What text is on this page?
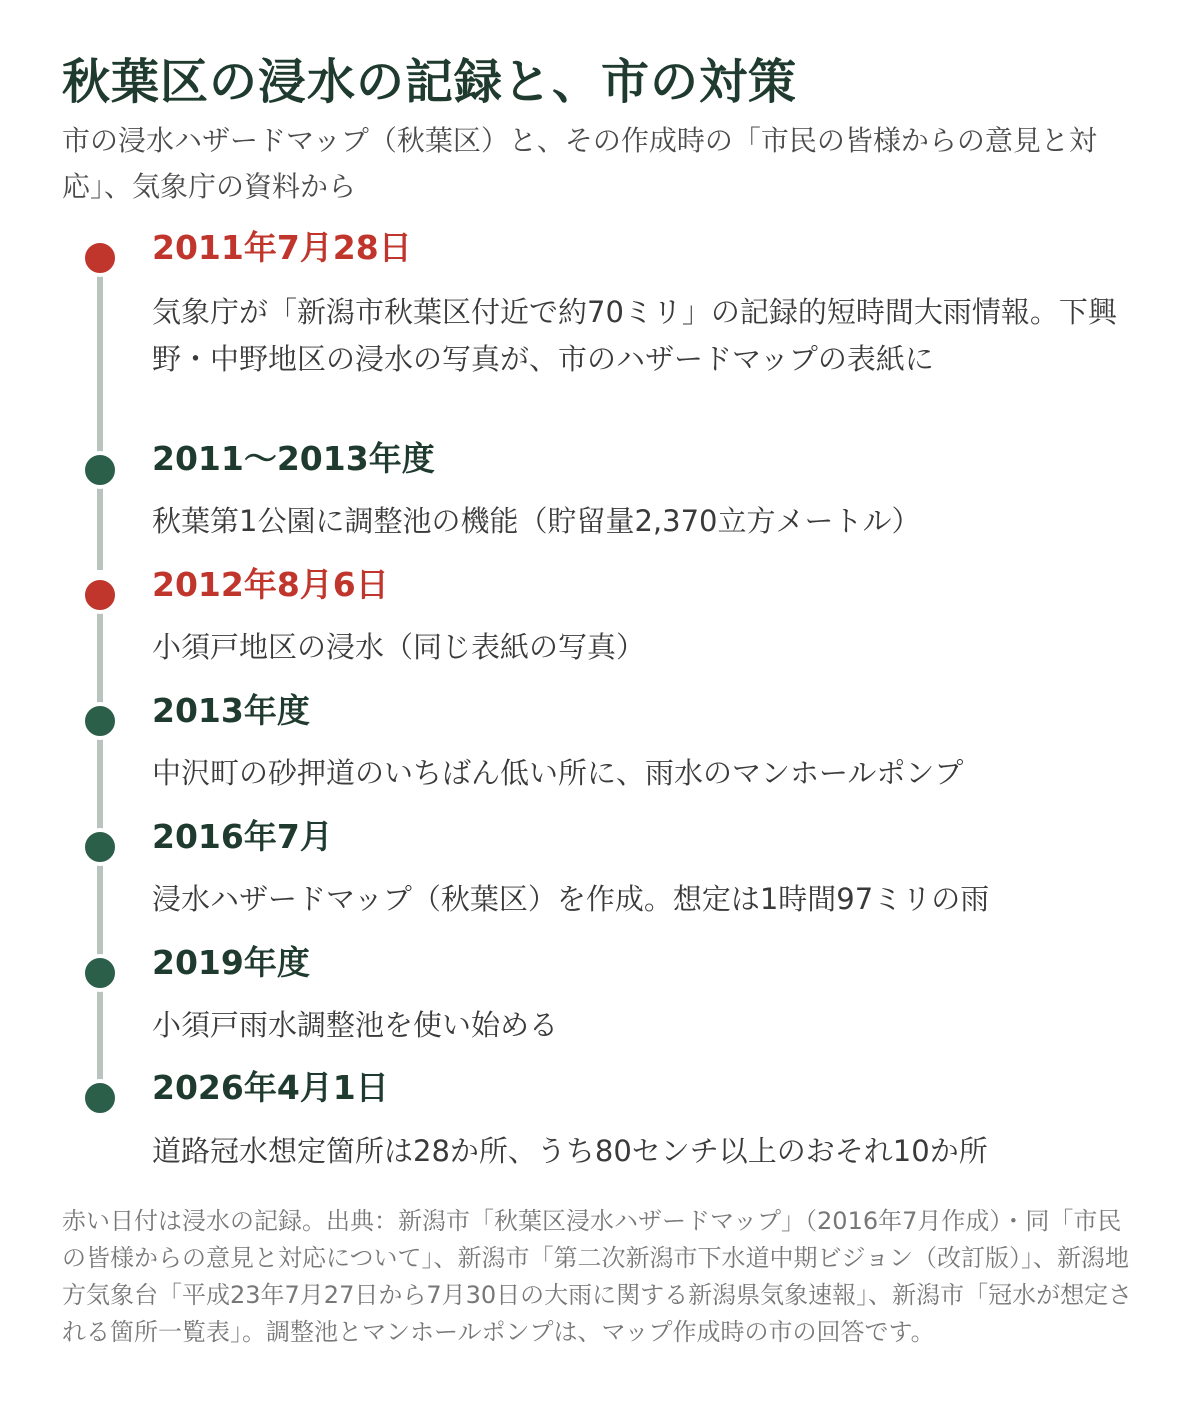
秋葉区の浸水の記録と、市の対策
市の浸水ハザードマップ（秋葉区）と、その作成時の「市民の皆様からの意見と対応」、気象庁の資料から
2011年7月28日
気象庁が「新潟市秋葉区付近で約70ミリ」の記録的短時間大雨情報。下興野・中野地区の浸水の写真が、市のハザードマップの表紙に
2011〜2013年度
秋葉第1公園に調整池の機能（貯留量2,370立方メートル）
2012年8月6日
小須戸地区の浸水（同じ表紙の写真）
2013年度
中沢町の砂押道のいちばん低い所に、雨水のマンホールポンプ
2016年7月
浸水ハザードマップ（秋葉区）を作成。想定は1時間97ミリの雨
2019年度
小須戸雨水調整池を使い始める
2026年4月1日
道路冠水想定箇所は28か所、うち80センチ以上のおそれ10か所
赤い日付は浸水の記録。出典：新潟市「秋葉区浸水ハザードマップ」（2016年7月作成）・同「市民の皆様からの意見と対応について」、新潟市「第二次新潟市下水道中期ビジョン（改訂版）」、新潟地方気象台「平成23年7月27日から7月30日の大雨に関する新潟県気象速報」、新潟市「冠水が想定される箇所一覧表」。調整池とマンホールポンプは、マップ作成時の市の回答です。
